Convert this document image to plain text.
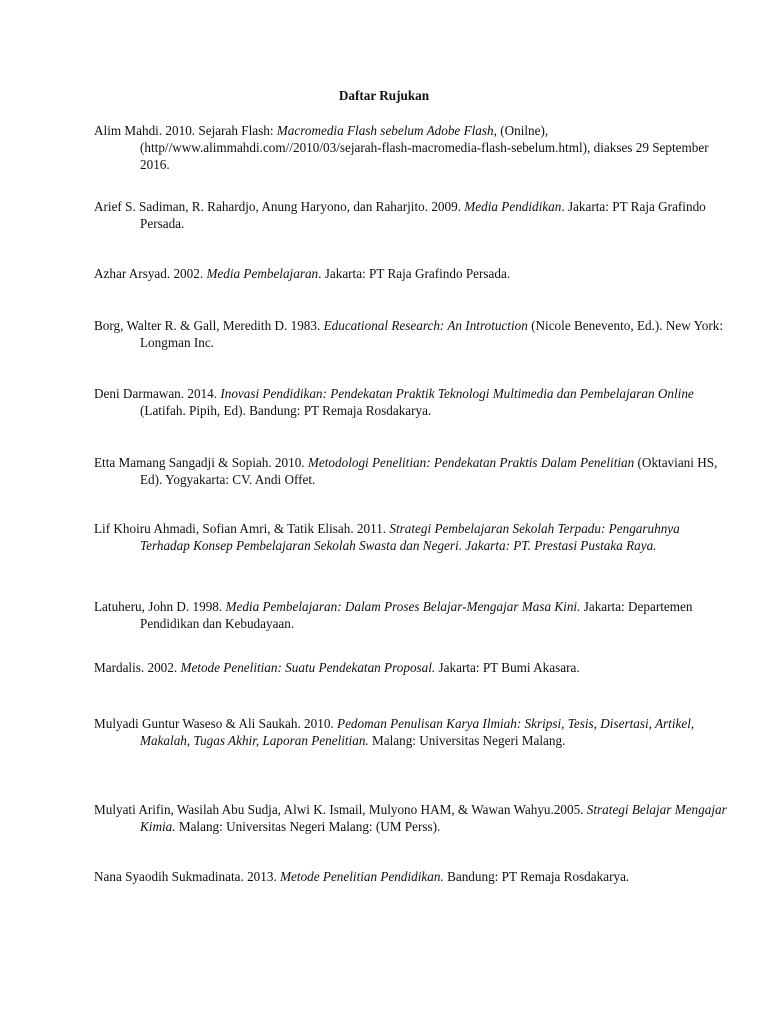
Daftar Rujukan
Alim Mahdi. 2010. Sejarah Flash: Macromedia Flash sebelum Adobe Flash, (Onilne),(http//www.alimmahdi.com//2010/03/sejarah-flash-macromedia-flash-sebelum.html), diakses 29 September 2016.
Arief S. Sadiman, R. Rahardjo, Anung Haryono, dan Raharjito. 2009. Media Pendidikan. Jakarta: PT Raja Grafindo Persada.
Azhar Arsyad. 2002. Media Pembelajaran. Jakarta: PT Raja Grafindo Persada.
Borg, Walter R. & Gall, Meredith D. 1983. Educational Research: An Introtuction (Nicole Benevento, Ed.). New York: Longman Inc.
Deni Darmawan. 2014. Inovasi Pendidikan: Pendekatan Praktik Teknologi Multimedia dan Pembelajaran Online (Latifah. Pipih, Ed). Bandung: PT Remaja Rosdakarya.
Etta Mamang Sangadji & Sopiah. 2010. Metodologi Penelitian: Pendekatan Praktis Dalam Penelitian (Oktaviani HS, Ed). Yogyakarta: CV. Andi Offet.
Lif Khoiru Ahmadi, Sofian Amri, & Tatik Elisah. 2011. Strategi Pembelajaran Sekolah Terpadu: Pengaruhnya Terhadap Konsep Pembelajaran Sekolah Swasta dan Negeri. Jakarta: PT. Prestasi Pustaka Raya.
Latuheru, John D. 1998. Media Pembelajaran: Dalam Proses Belajar-Mengajar Masa Kini. Jakarta: Departemen Pendidikan dan Kebudayaan.
Mardalis. 2002. Metode Penelitian: Suatu Pendekatan Proposal. Jakarta: PT Bumi Akasara.
Mulyadi Guntur Waseso & Ali Saukah. 2010. Pedoman Penulisan Karya Ilmiah: Skripsi, Tesis, Disertasi, Artikel, Makalah, Tugas Akhir, Laporan Penelitian. Malang: Universitas Negeri Malang.
Mulyati Arifin, Wasilah Abu Sudja, Alwi K. Ismail, Mulyono HAM, & Wawan Wahyu.2005. Strategi Belajar Mengajar Kimia. Malang: Universitas Negeri Malang: (UM Perss).
Nana Syaodih Sukmadinata. 2013. Metode Penelitian Pendidikan. Bandung: PT Remaja Rosdakarya.
